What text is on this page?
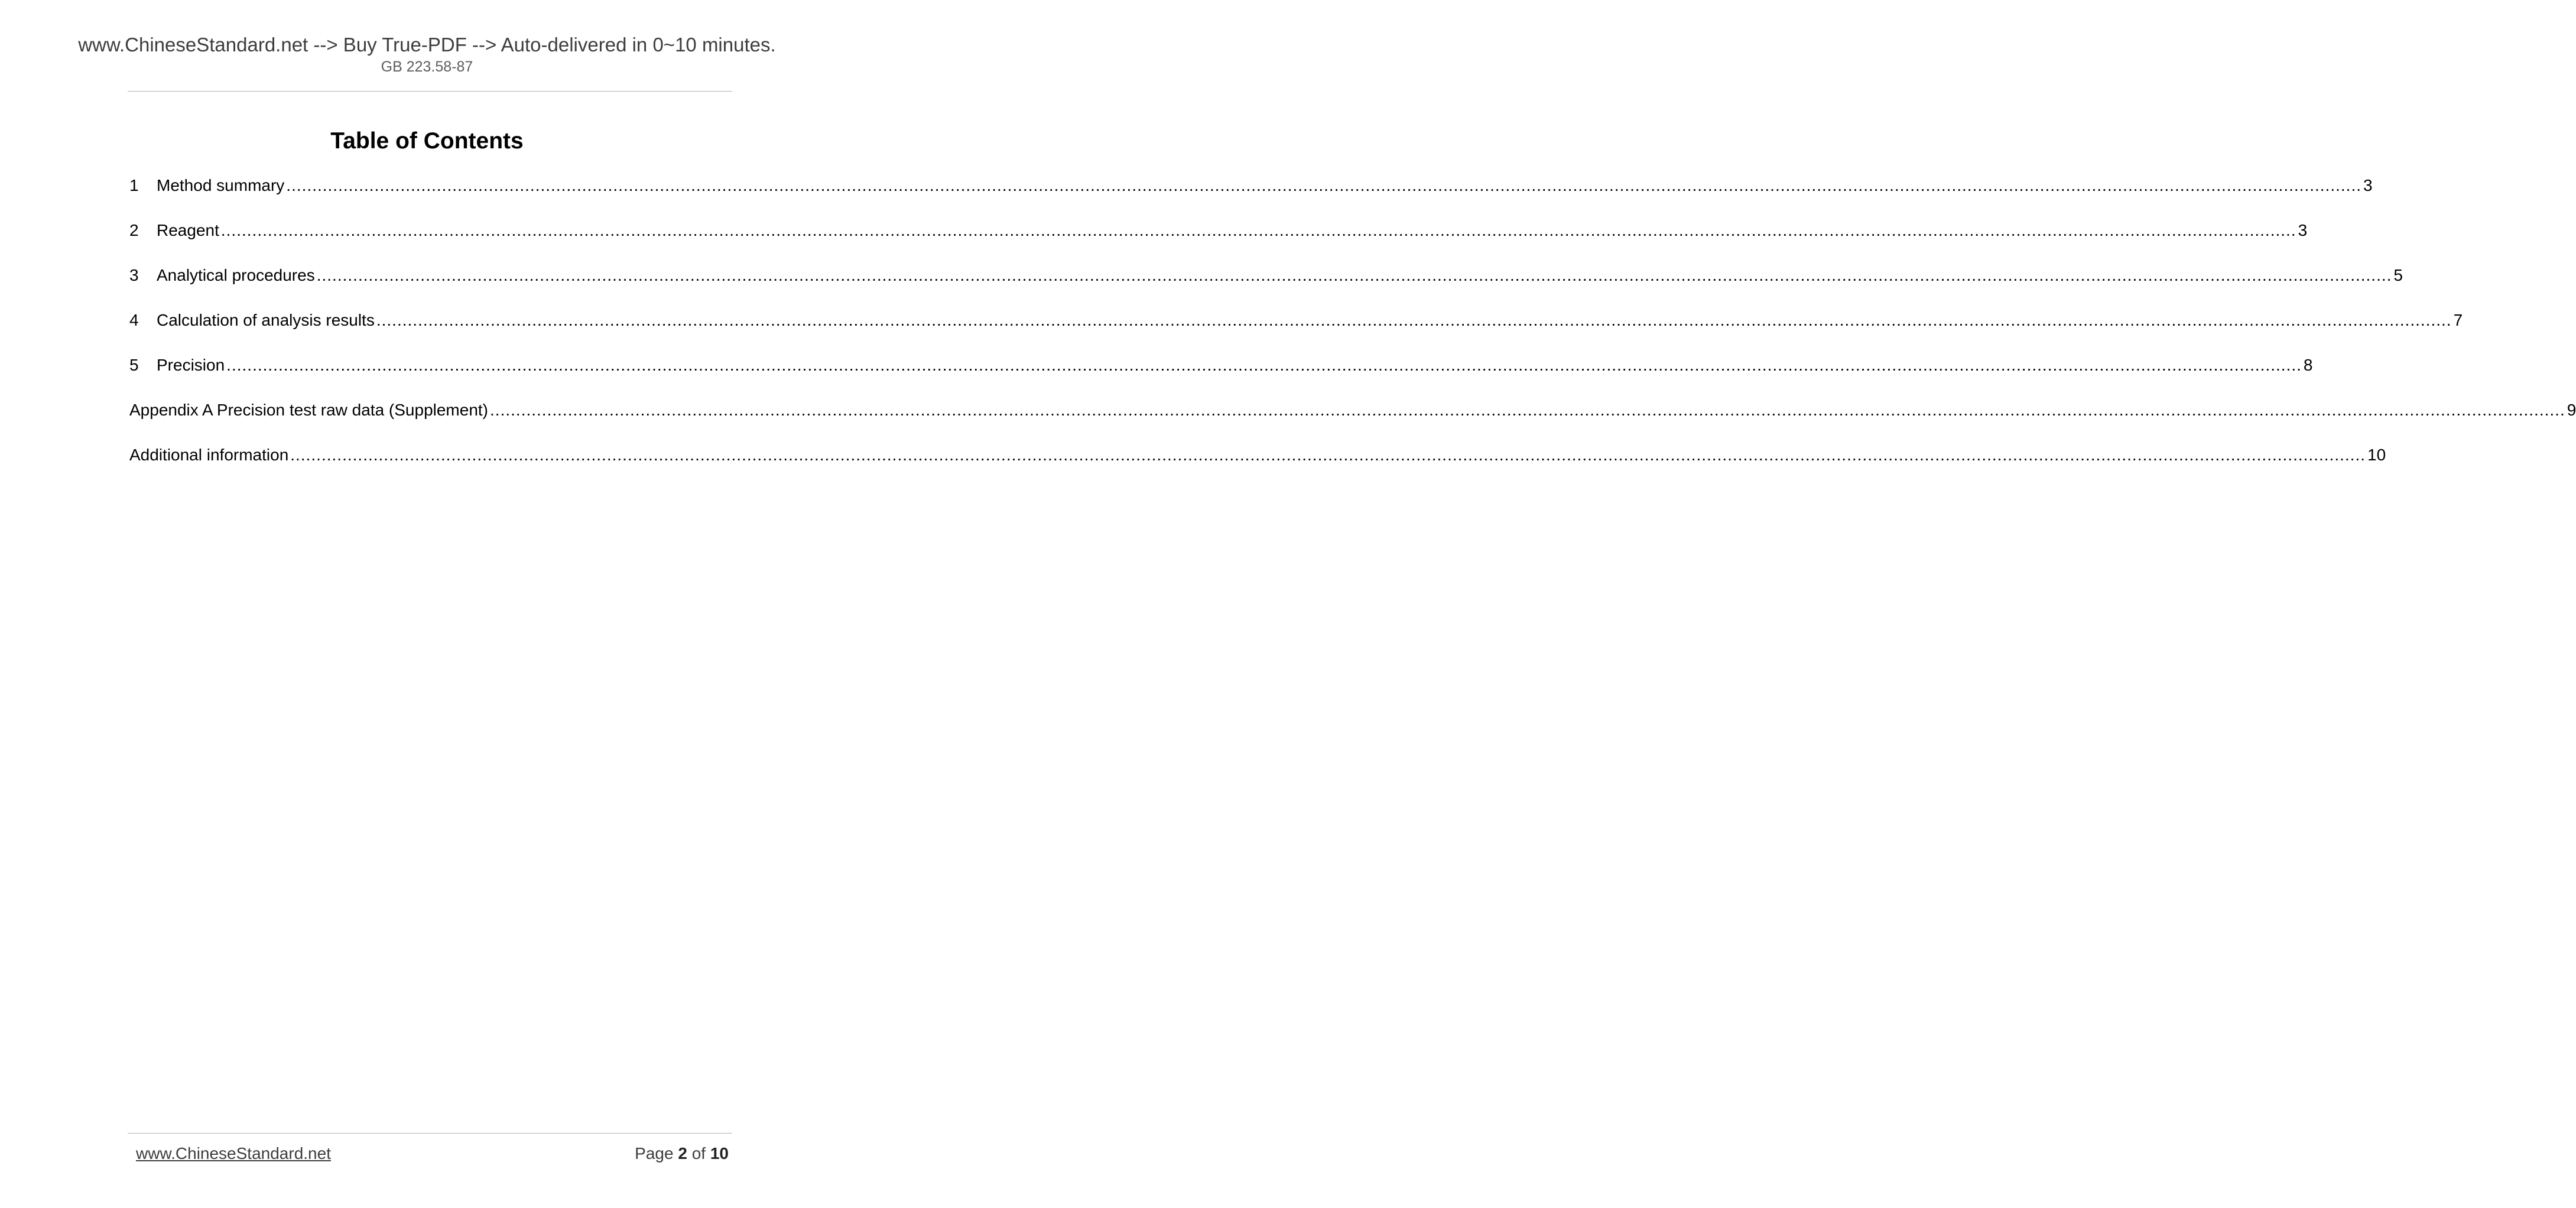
www.ChineseStandard.net --> Buy True-PDF --> Auto-delivered in 0~10 minutes.
GB 223.58-87
Table of Contents
1	Method summary ................................................................................................................................................................................................................................................................................................................................................................................................................ 3
2	Reagent ................................................................................................................................................................................................................................................................................................................................................................................................................ 3
3	Analytical procedures ................................................................................................................................................................................................................................................................................................................................................................................................................ 5
4	Calculation of analysis results ................................................................................................................................................................................................................................................................................................................................................................................................................ 7
5	Precision ................................................................................................................................................................................................................................................................................................................................................................................................................ 8
Appendix A Precision test raw data (Supplement) ................................................................................................................................................................................................................................................................................................................................................................................................................ 9
Additional information ................................................................................................................................................................................................................................................................................................................................................................................................................ 10
www.ChineseStandard.net	Page 2 of 10
